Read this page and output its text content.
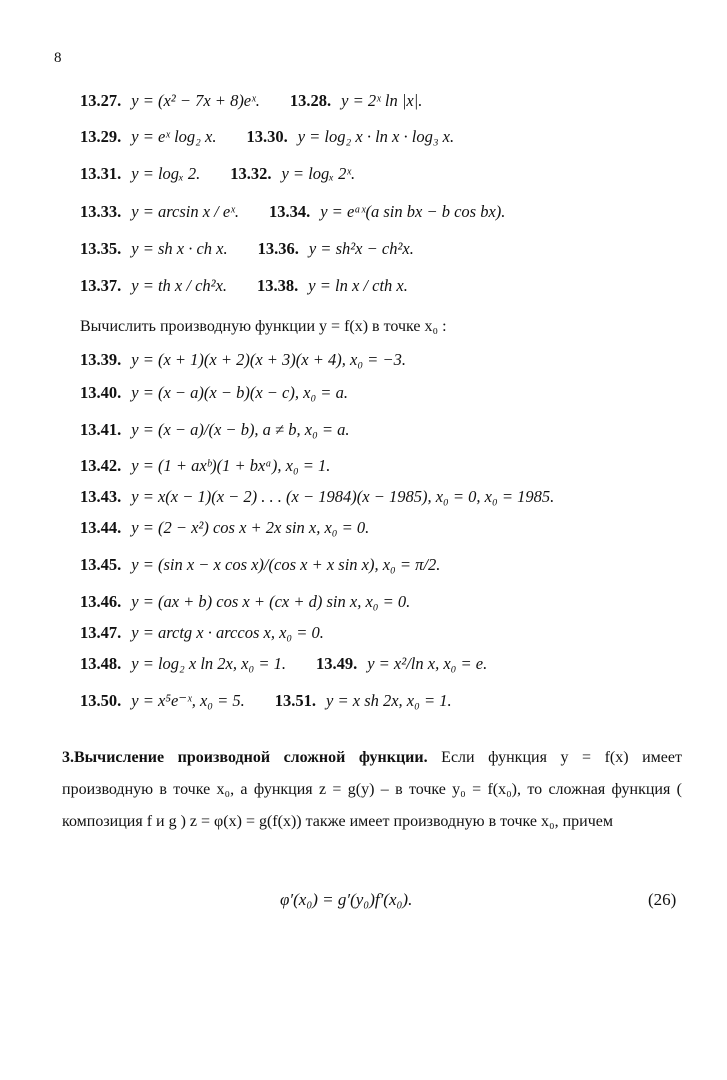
8
13.27. y = (x² − 7x + 8)eˣ. 13.28. y = 2ˣ ln |x|.
13.29. y = eˣ log₂ x. 13.30. y = log₂ x · ln x · log₃ x.
13.31. y = logₓ 2. 13.32. y = logₓ 2ˣ.
13.33. y = arcsin x / eˣ. 13.34. y = eᵃˣ(a sin bx − b cos bx).
13.35. y = sh x · ch x. 13.36. y = sh²x − ch²x.
13.37. y = th x / ch²x. 13.38. y = ln x / cth x.
Вычислить производную функции y = f(x) в точке x₀ :
13.39. y = (x + 1)(x + 2)(x + 3)(x + 4), x₀ = −3.
13.40. y = (x − a)(x − b)(x − c), x₀ = a.
13.41. y = (x − a)/(x − b), a ≠ b, x₀ = a.
13.42. y = (1 + axᵇ)(1 + bxᵃ), x₀ = 1.
13.43. y = x(x − 1)(x − 2) . . . (x − 1984)(x − 1985), x₀ = 0, x₀ = 1985.
13.44. y = (2 − x²) cos x + 2x sin x, x₀ = 0.
13.45. y = (sin x − x cos x)/(cos x + x sin x), x₀ = π/2.
13.46. y = (ax + b) cos x + (cx + d) sin x, x₀ = 0.
13.47. y = arctg x · arccos x, x₀ = 0.
13.48. y = log₂ x ln 2x, x₀ = 1. 13.49. y = x²/ln x, x₀ = e.
13.50. y = x⁵e⁻ˣ, x₀ = 5. 13.51. y = x sh 2x, x₀ = 1.
3.Вычисление производной сложной функции. Если функция y = f(x) имеет производную в точке x₀, а функция z = g(y) – в точке y₀ = f(x₀), то сложная функция ( композиция f и g ) z = φ(x) = g(f(x)) также имеет производную в точке x₀, причем
φ′(x₀) = g′(y₀)f′(x₀).	(26)
